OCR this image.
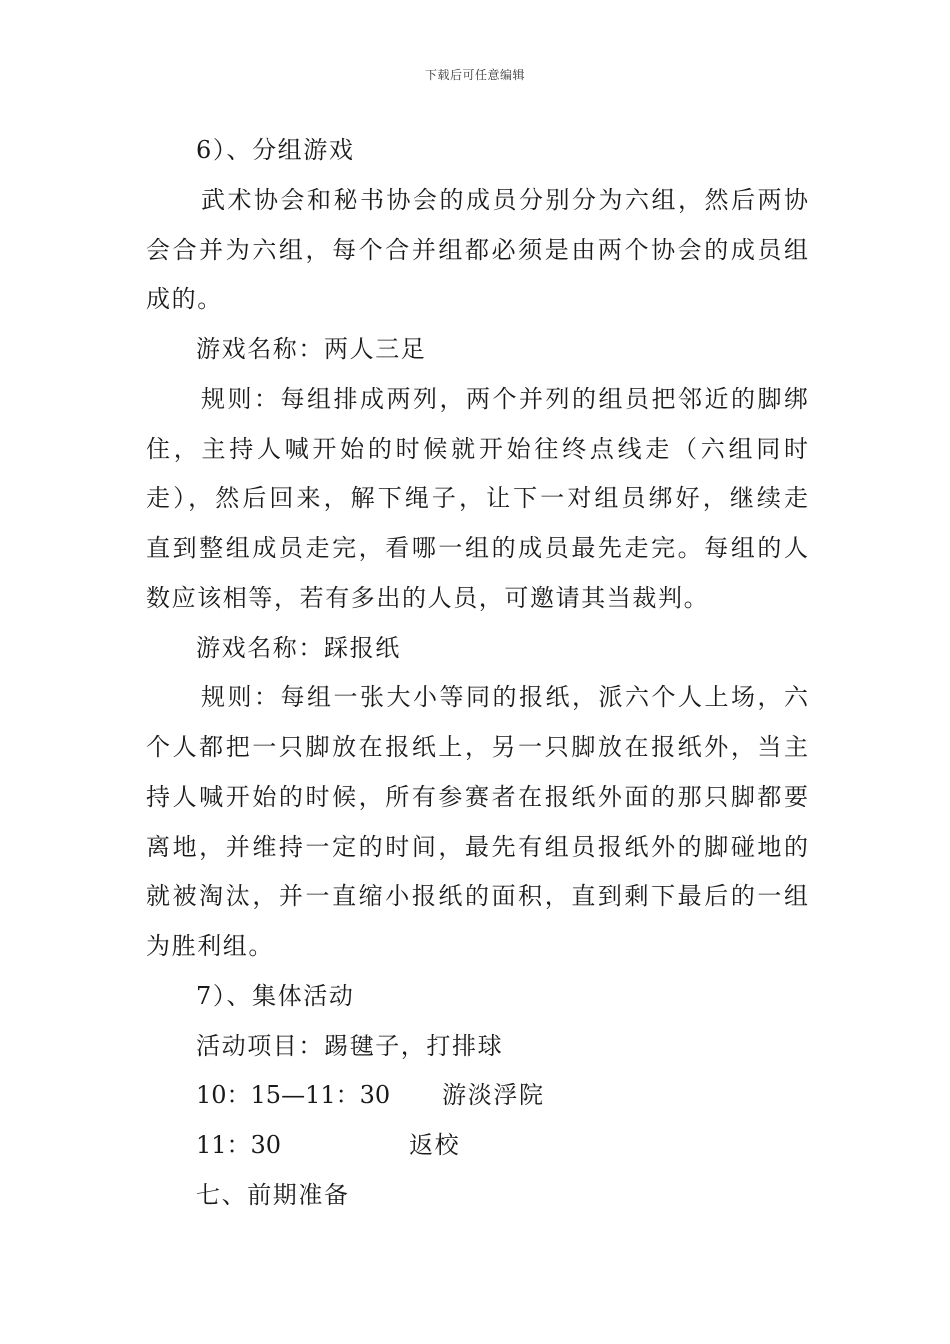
下载后可任意编辑
6）、分组游戏
武术协会和秘书协会的成员分别分为六组，然后两协
会合并为六组，每个合并组都必须是由两个协会的成员组
成的。
游戏名称：两人三足
规则：每组排成两列，两个并列的组员把邻近的脚绑
住，主持人喊开始的时候就开始往终点线走（六组同时
走），然后回来，解下绳子，让下一对组员绑好，继续走
直到整组成员走完，看哪一组的成员最先走完。每组的人
数应该相等，若有多出的人员，可邀请其当裁判。
游戏名称：踩报纸
规则：每组一张大小等同的报纸，派六个人上场，六
个人都把一只脚放在报纸上，另一只脚放在报纸外，当主
持人喊开始的时候，所有参赛者在报纸外面的那只脚都要
离地，并维持一定的时间，最先有组员报纸外的脚碰地的
就被淘汰，并一直缩小报纸的面积，直到剩下最后的一组
为胜利组。
7）、集体活动
活动项目：踢毽子，打排球
10：15—11：30 游淡浮院
11：30	返校
七、前期准备
